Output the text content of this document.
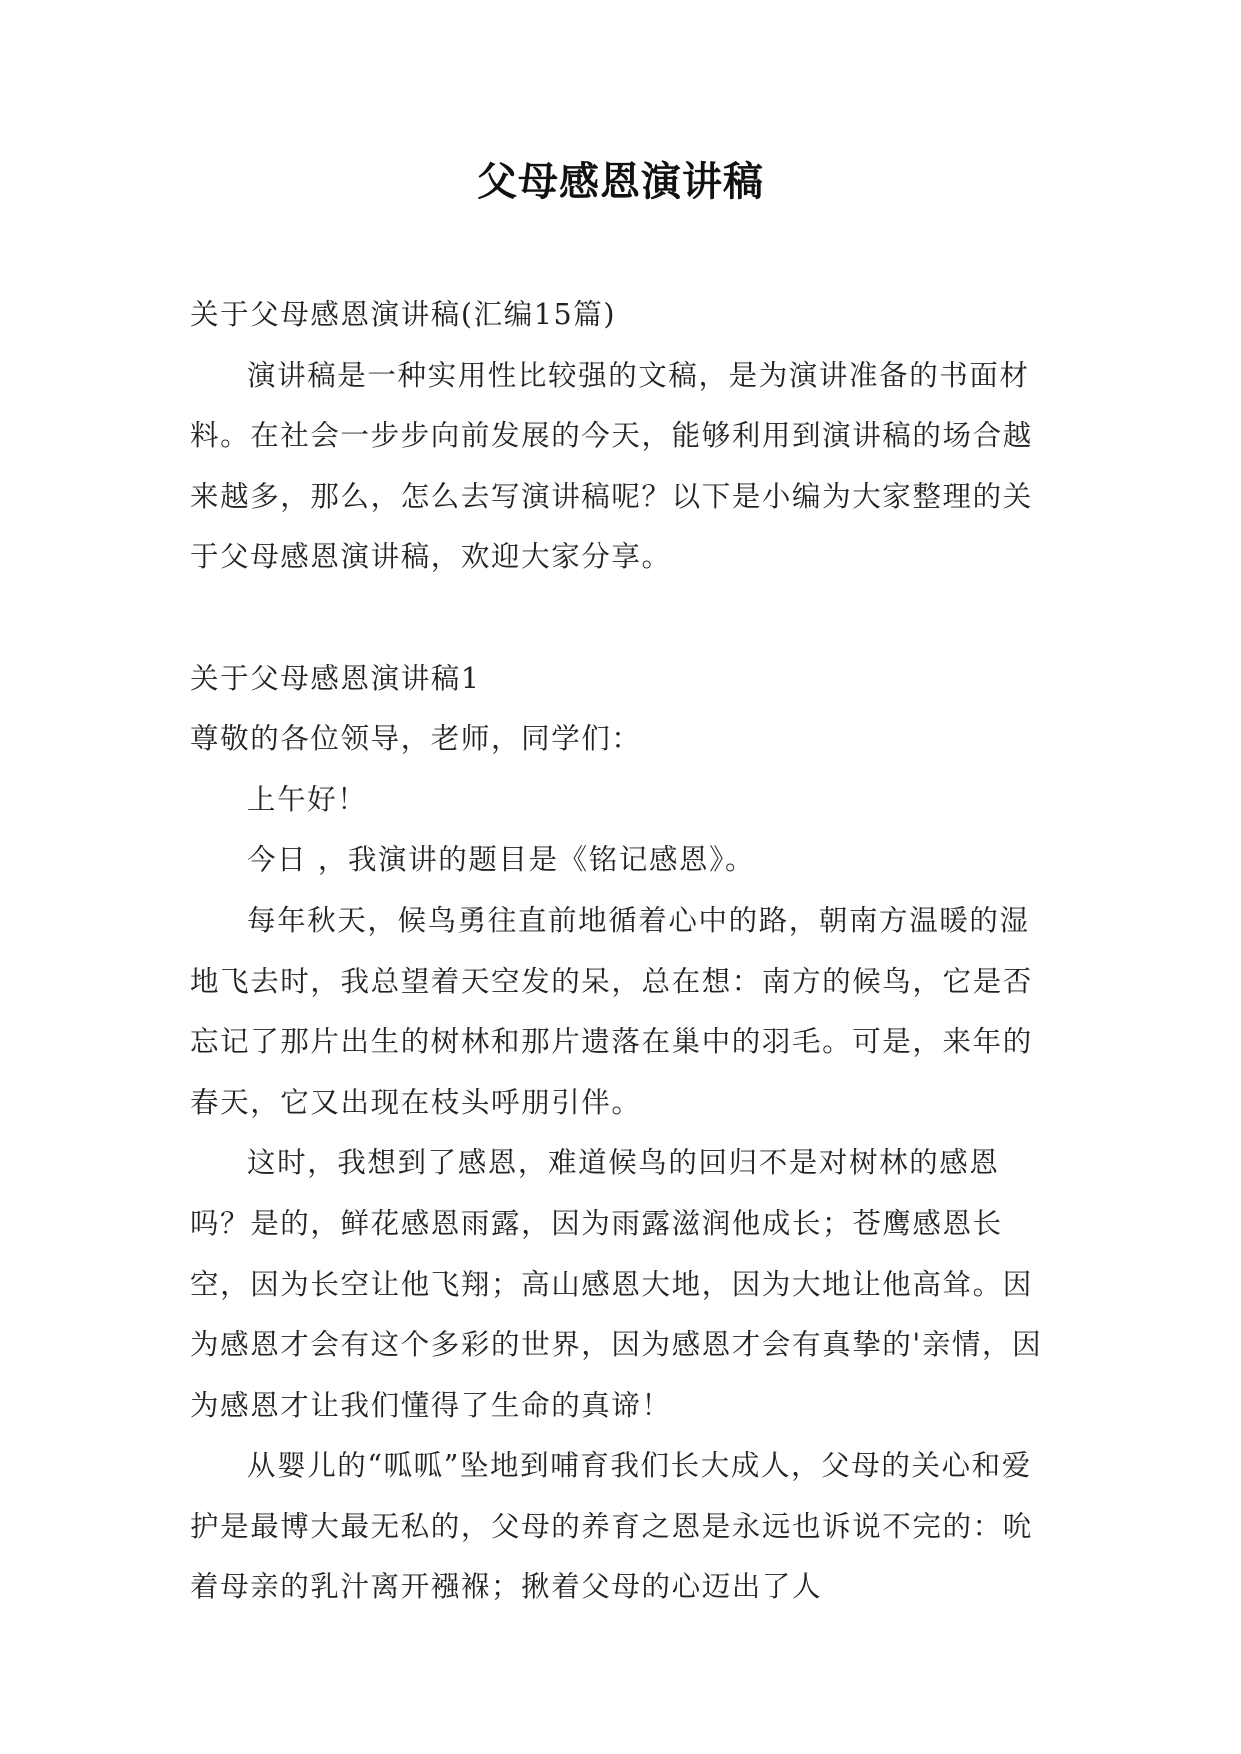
父母感恩演讲稿

关于父母感恩演讲稿(汇编15篇)

演讲稿是一种实用性比较强的文稿，是为演讲准备的书面材料。在社会一步步向前发展的今天，能够利用到演讲稿的场合越来越多，那么，怎么去写演讲稿呢？以下是小编为大家整理的关于父母感恩演讲稿，欢迎大家分享。

关于父母感恩演讲稿1

尊敬的各位领导，老师，同学们：

上午好！

今日 ，我演讲的题目是《铭记感恩》。

每年秋天，候鸟勇往直前地循着心中的路，朝南方温暖的湿地飞去时，我总望着天空发的呆，总在想：南方的候鸟，它是否忘记了那片出生的树林和那片遗落在巢中的羽毛。可是，来年的春天，它又出现在枝头呼朋引伴。

这时，我想到了感恩，难道候鸟的回归不是对树林的感恩吗？是的，鲜花感恩雨露，因为雨露滋润他成长；苍鹰感恩长空，因为长空让他飞翔；高山感恩大地，因为大地让他高耸。因为感恩才会有这个多彩的世界，因为感恩才会有真挚的'亲情，因为感恩才让我们懂得了生命的真谛！

从婴儿的“呱呱”坠地到哺育我们长大成人，父母的关心和爱护是最博大最无私的，父母的养育之恩是永远也诉说不完的：吮着母亲的乳汁离开襁褓；揪着父母的心迈出了人
